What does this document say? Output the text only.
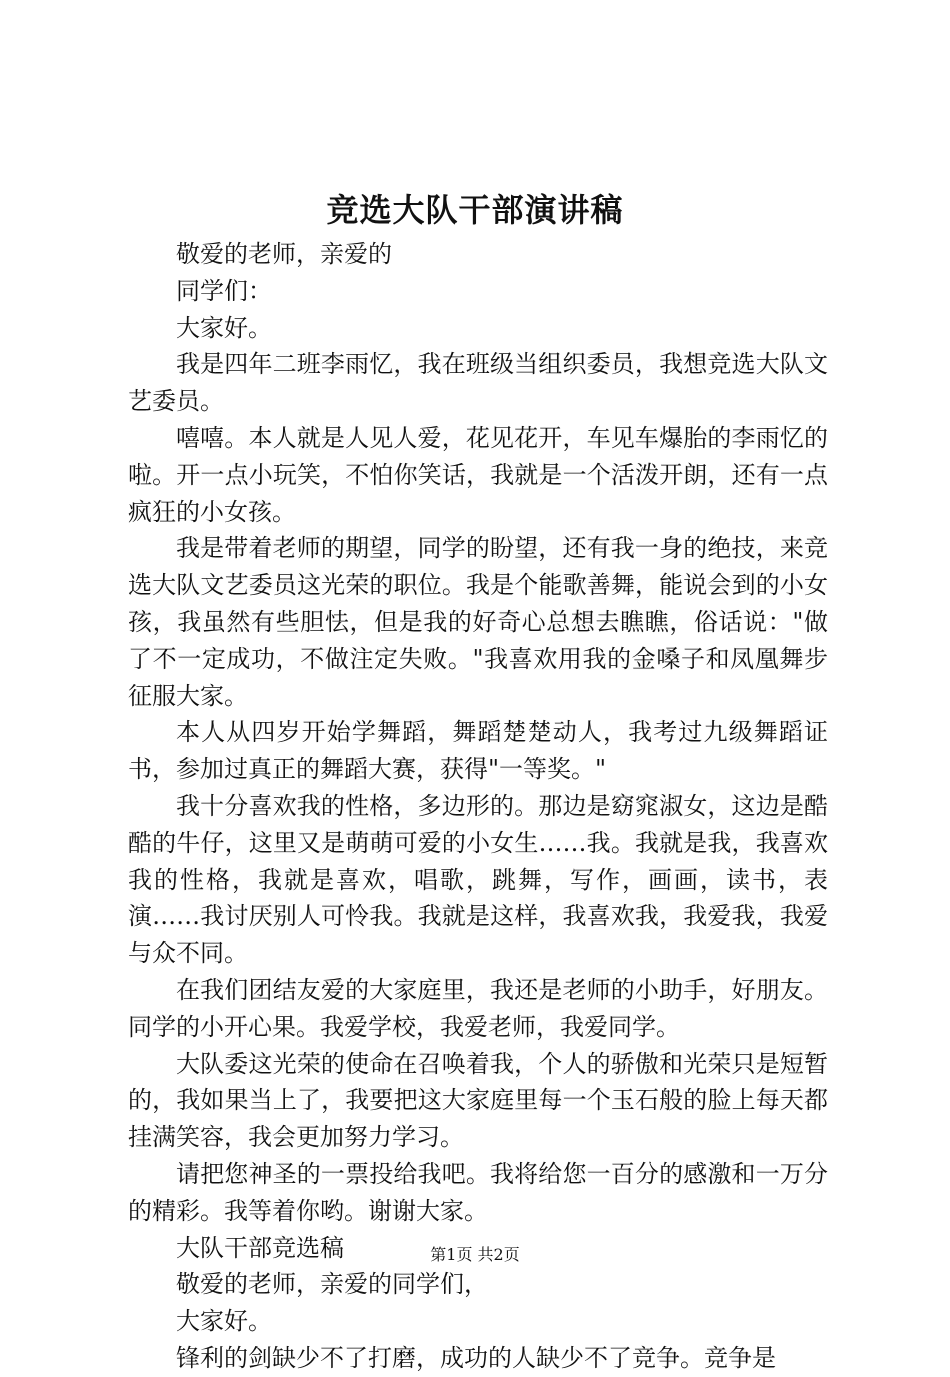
竞选大队干部演讲稿

敬爱的老师，亲爱的

同学们：

大家好。

我是四年二班李雨忆，我在班级当组织委员，我想竞选大队文艺委员。

嘻嘻。本人就是人见人爱，花见花开，车见车爆胎的李雨忆的啦。开一点小玩笑，不怕你笑话，我就是一个活泼开朗，还有一点疯狂的小女孩。

我是带着老师的期望，同学的盼望，还有我一身的绝技，来竞选大队文艺委员这光荣的职位。我是个能歌善舞，能说会到的小女孩，我虽然有些胆怯，但是我的好奇心总想去瞧瞧，俗话说："做了不一定成功，不做注定失败。"我喜欢用我的金嗓子和凤凰舞步征服大家。

本人从四岁开始学舞蹈，舞蹈楚楚动人，我考过九级舞蹈证书，参加过真正的舞蹈大赛，获得"一等奖。"

我十分喜欢我的性格，多边形的。那边是窈窕淑女，这边是酷酷的牛仔，这里又是萌萌可爱的小女生……我。我就是我，我喜欢我的性格，我就是喜欢，唱歌，跳舞，写作，画画，读书，表演……我讨厌别人可怜我。我就是这样，我喜欢我，我爱我，我爱与众不同。

在我们团结友爱的大家庭里，我还是老师的小助手，好朋友。同学的小开心果。我爱学校，我爱老师，我爱同学。

大队委这光荣的使命在召唤着我，个人的骄傲和光荣只是短暂的，我如果当上了，我要把这大家庭里每一个玉石般的脸上每天都挂满笑容，我会更加努力学习。

请把您神圣的一票投给我吧。我将给您一百分的感激和一万分的精彩。我等着你哟。谢谢大家。

大队干部竞选稿

敬爱的老师，亲爱的同学们，

大家好。

锋利的剑缺少不了打磨，成功的人缺少不了竞争。竞争是

第1页 共2页
